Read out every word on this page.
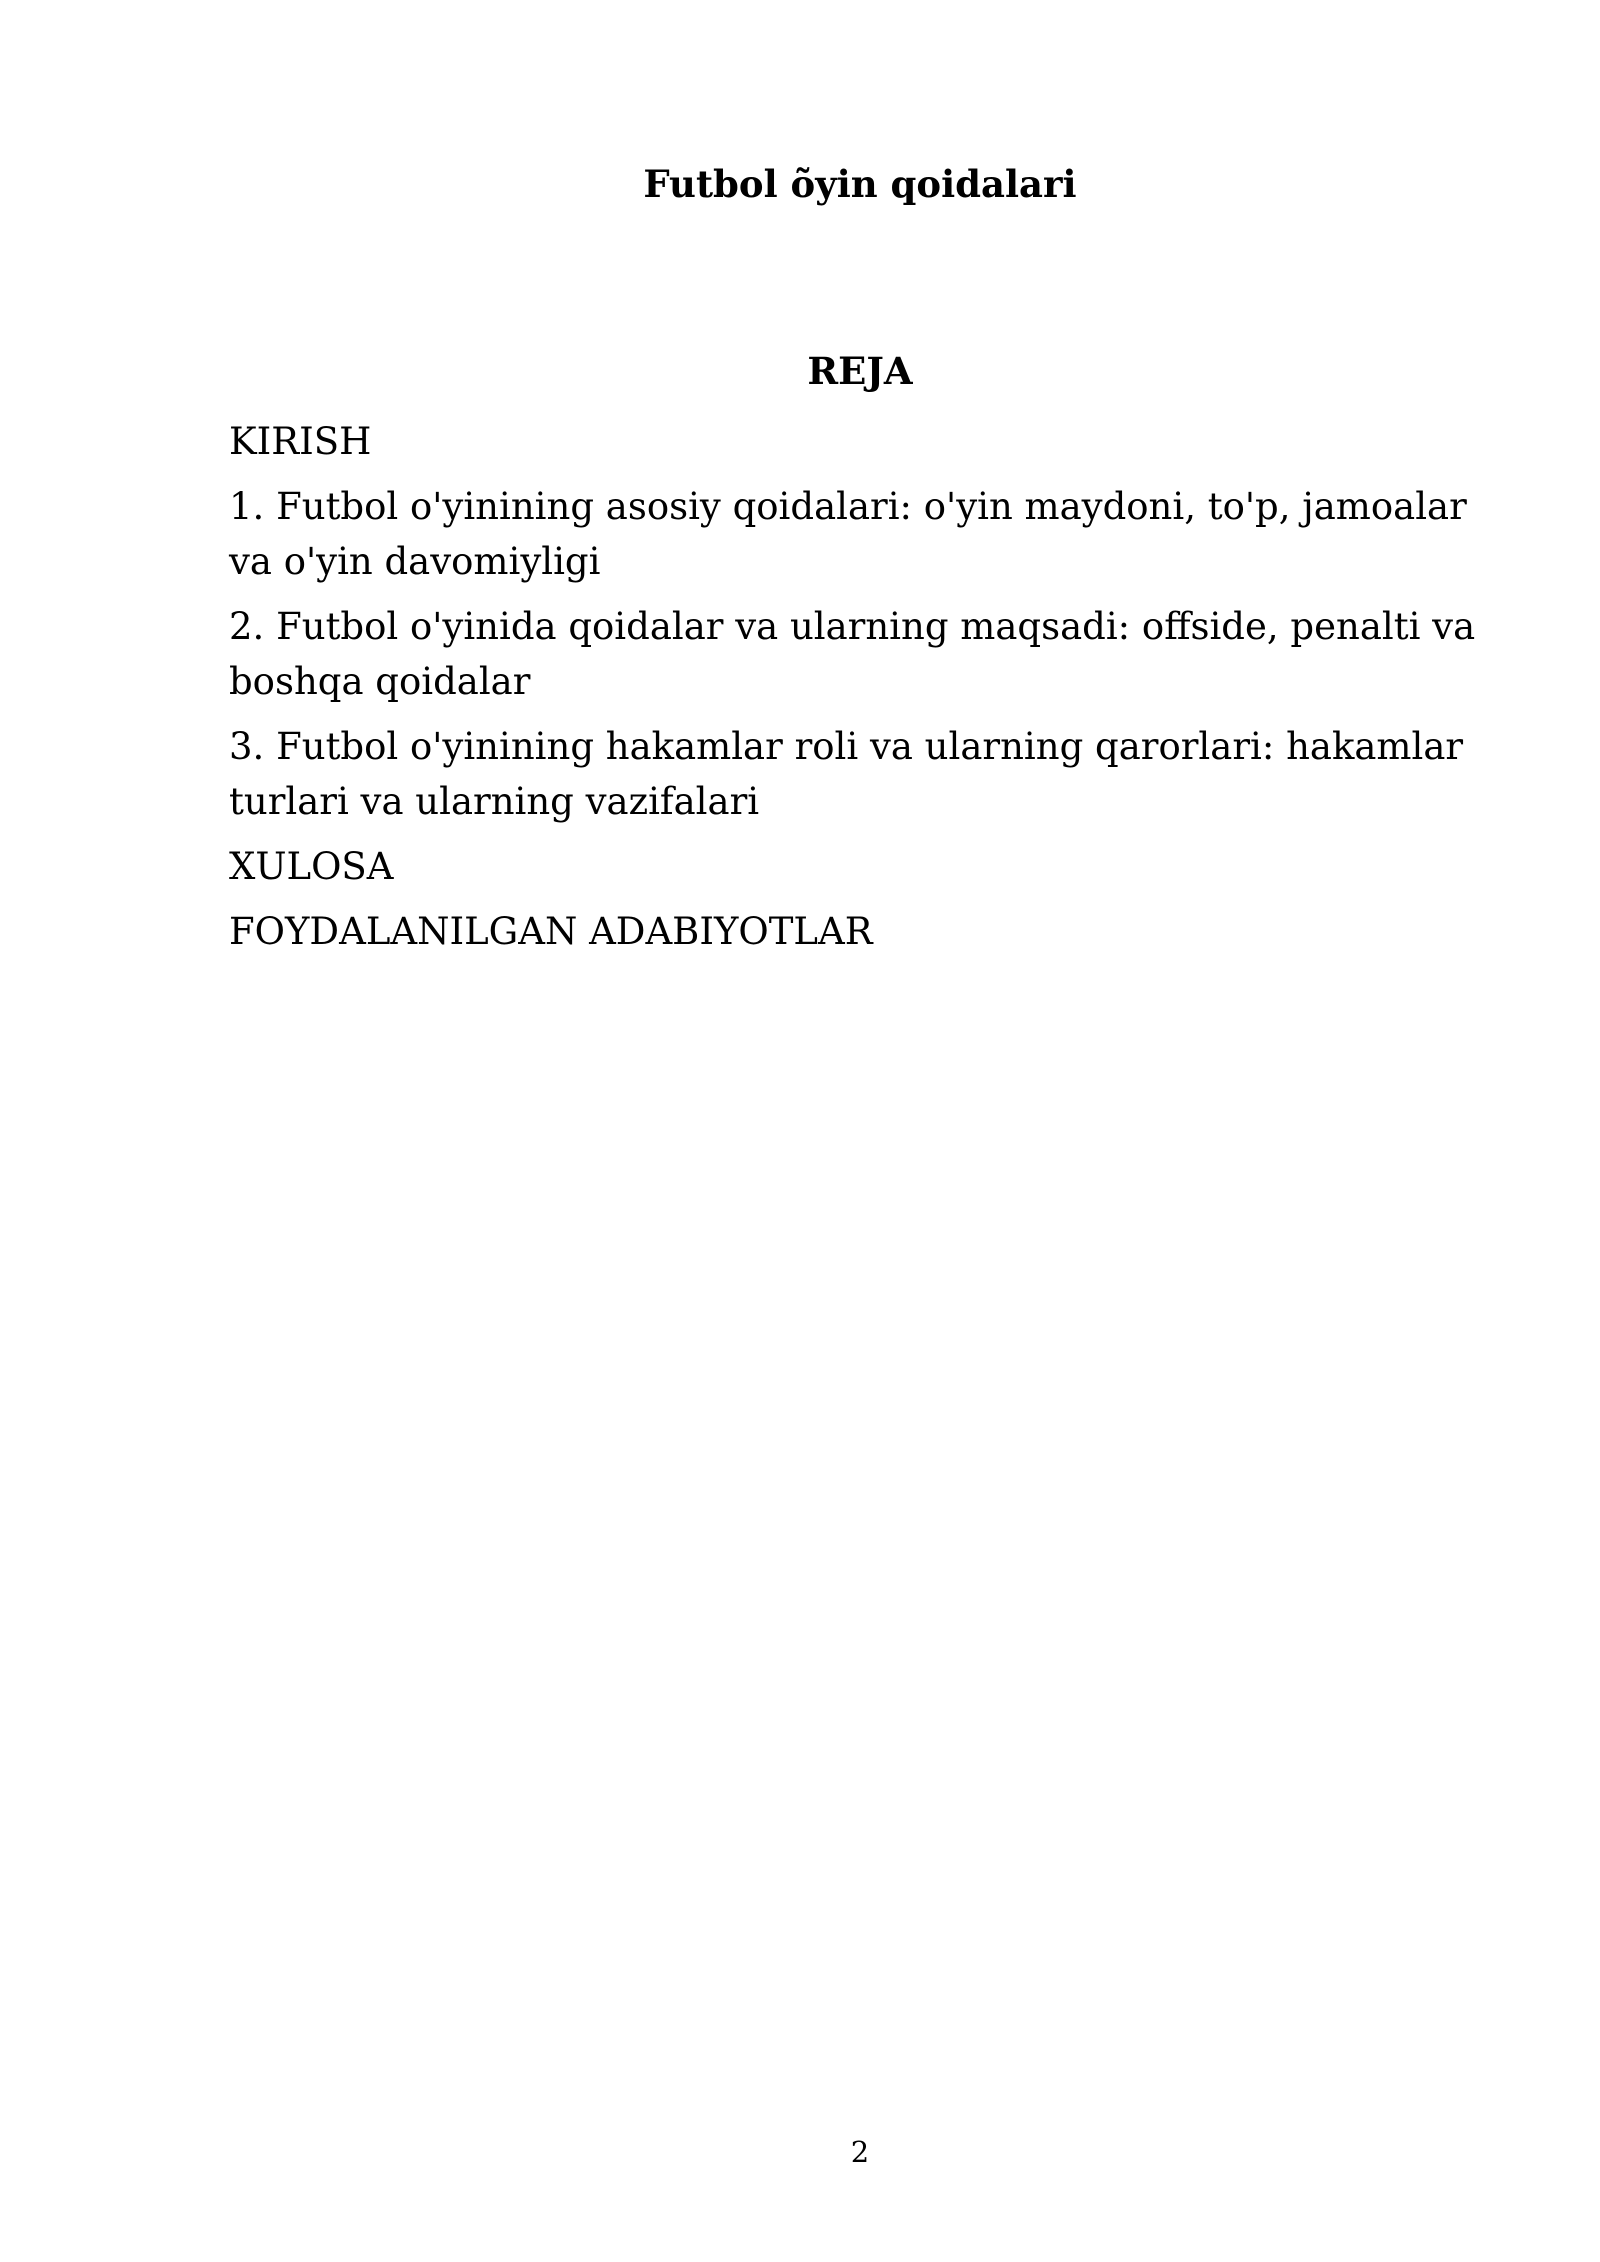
Futbol õyin qoidalari
REJA
KIRISH
1. Futbol o'yinining asosiy qoidalari: o'yin maydoni, to'p, jamoalar va o'yin davomiyligi
2. Futbol o'yinida qoidalar va ularning maqsadi: offside, penalti va boshqa qoidalar
3. Futbol o'yinining hakamlar roli va ularning qarorlari: hakamlar turlari va ularning vazifalari
XULOSA
FOYDALANILGAN ADABIYOTLAR
2
